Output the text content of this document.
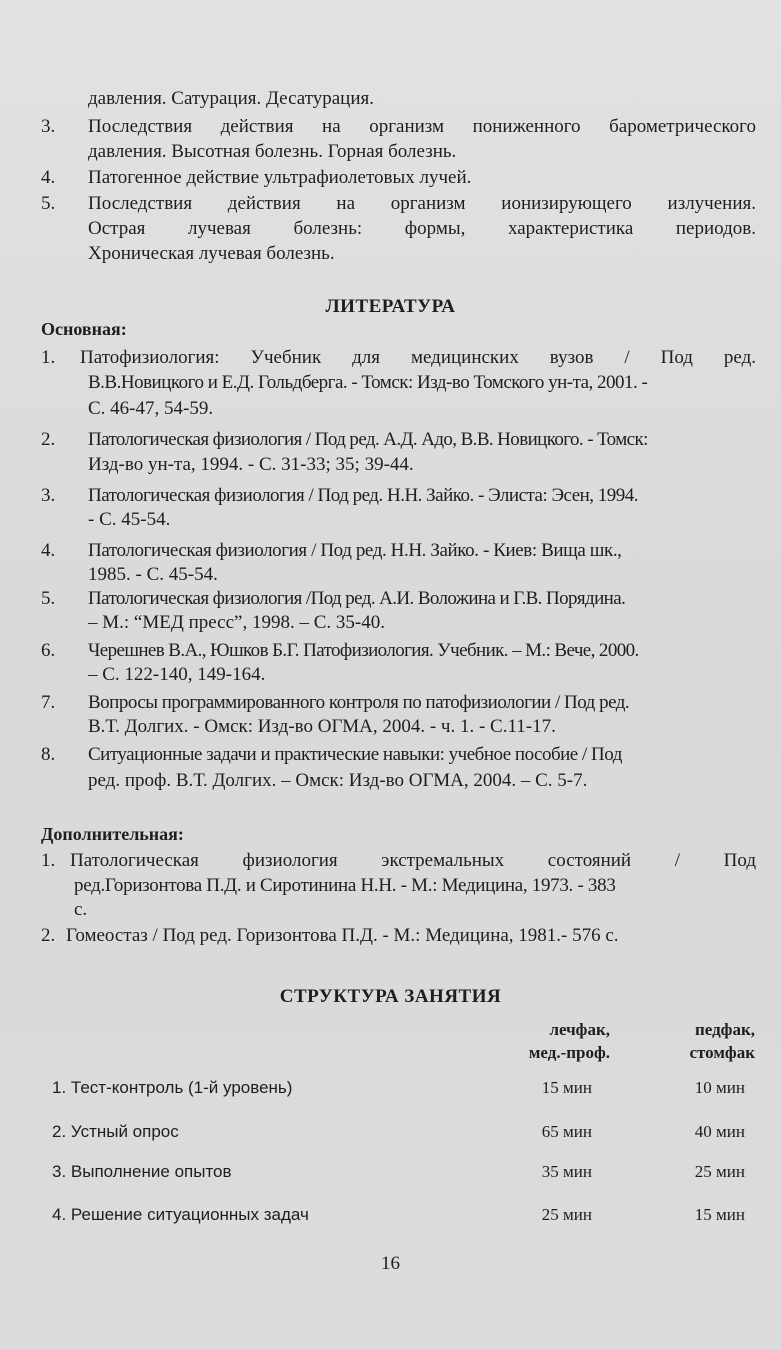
давления. Сатурация. Десатурация.
3. Последствия действия на организм пониженного барометрического
давления. Высотная болезнь. Горная болезнь.
4. Патогенное действие ультрафиолетовых лучей.
5. Последствия действия на организм ионизирующего излучения.
Острая лучевая болезнь: формы, характеристика периодов.
Хроническая лучевая болезнь.
ЛИТЕРАТУРА
Основная:
1. Патофизиология: Учебник для медицинских вузов / Под ред.
В.В.Новицкого и Е.Д. Гольдберга. - Томск: Изд-во Томского ун-та, 2001. -
С. 46-47, 54-59.
2. Патологическая физиология / Под ред. А.Д. Адо, В.В. Новицкого. - Томск:
Изд-во ун-та, 1994. - С. 31-33; 35; 39-44.
3. Патологическая физиология / Под ред. Н.Н. Зайко. - Элиста: Эсен, 1994.
- С. 45-54.
4. Патологическая физиология / Под ред. Н.Н. Зайко. - Киев: Вища шк.,
1985. - С. 45-54.
5. Патологическая физиология /Под ред. А.И. Воложина и Г.В. Порядина.
– М.: “МЕД пресс”, 1998. – С. 35-40.
6. Черешнев В.А., Юшков Б.Г. Патофизиология. Учебник. – М.: Вече, 2000.
– С. 122-140, 149-164.
7. Вопросы программированного контроля по патофизиологии / Под ред.
В.Т. Долгих. - Омск: Изд-во ОГМА, 2004. - ч. 1. - С.11-17.
8. Ситуационные задачи и практические навыки: учебное пособие / Под
ред. проф. В.Т. Долгих. – Омск: Изд-во ОГМА, 2004. – С. 5-7.
Дополнительная:
1. Патологическая физиология экстремальных состояний / Под
ред.Горизонтова П.Д. и Сиротинина Н.Н. - М.: Медицина, 1973. - 383
с.
2. Гомеостаз / Под ред. Горизонтова П.Д. - М.: Медицина, 1981.- 576 с.
СТРУКТУРА ЗАНЯТИЯ
лечфак,
мед.-проф.
педфак,
стомфак
1. Тест-контроль (1-й уровень)	15 мин	10 мин
2. Устный опрос	65 мин	40 мин
3. Выполнение опытов	35 мин	25 мин
4. Решение ситуационных задач	25 мин	15 мин
16
